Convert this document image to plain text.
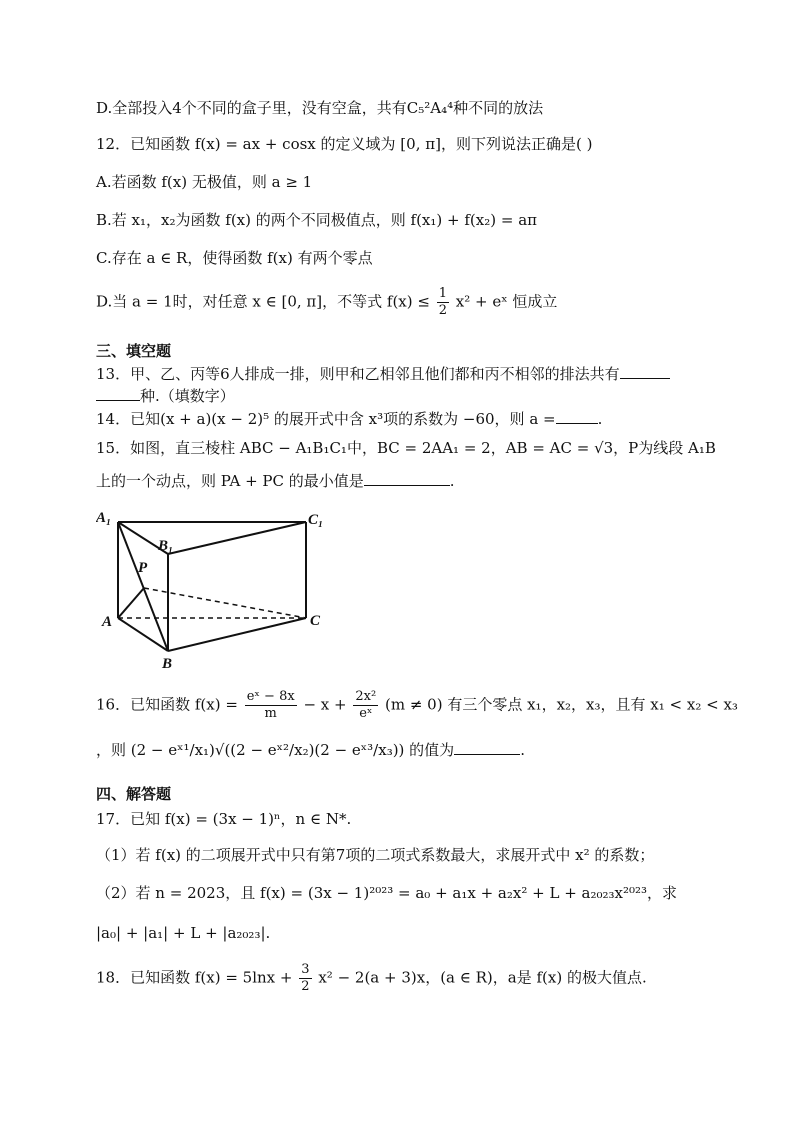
D.全部投入4个不同的盒子里，没有空盒，共有C₅²A₄⁴种不同的放法
12．已知函数 f(x) = ax + cosx 的定义域为 [0, π]，则下列说法正确是( )
A.若函数 f(x) 无极值，则 a ≥ 1
B.若 x₁，x₂为函数 f(x) 的两个不同极值点，则 f(x₁) + f(x₂) = aπ
C.存在 a ∈ R，使得函数 f(x) 有两个零点
D.当 a = 1时，对任意 x ∈ [0, π]，不等式 $f(x) \le \frac{1}{2} x^2$ + eˣ 恒成立
三、填空题
13．甲、乙、丙等6人排成一排，则甲和乙相邻且他们都和丙不相邻的排法共有
种.（填数字）
14．已知(x + a)(x − 2)⁵ 的展开式中含 x³项的系数为 −60，则 a =	.
15．如图，直三棱柱 ABC − A₁B₁C₁中，BC = 2AA₁ = 2，AB = AC = √3，P为线段 A₁B
上的一个动点，则 PA + PC 的最小值是	.
A₁
B₁
C₁
P
A
B
C
16．已知函数 $f(x) = \frac{\text{eˣ − 8x}}{m} - x + \frac{\text{2x²}}{\text{eˣ}} (m \ne 0)$ 有三个零点 x₁，x₂，x₃，且有 x₁ < x₂ < x₃
，则 (2 − eˣ¹/x₁)√((2 − eˣ²/x₂)(2 − eˣ³/x₃)) 的值为	.
四、解答题
17．已知 f(x) = (3x − 1)ⁿ，n ∈ N*.
（1）若 f(x) 的二项展开式中只有第7项的二项式系数最大，求展开式中 x² 的系数；
（2）若 n = 2023，且 f(x) = (3x − 1)²⁰²³ = a₀ + a₁x + a₂x² + L + a₂₀₂₃x²⁰²³，求
|a₀| + |a₁| + L + |a₂₀₂₃|.
18．已知函数 $f(x) = 5\ln x + \frac{3}{2} x^2 - 2(a + 3)x$，(a ∈ R)，a是 f(x) 的极大值点.
